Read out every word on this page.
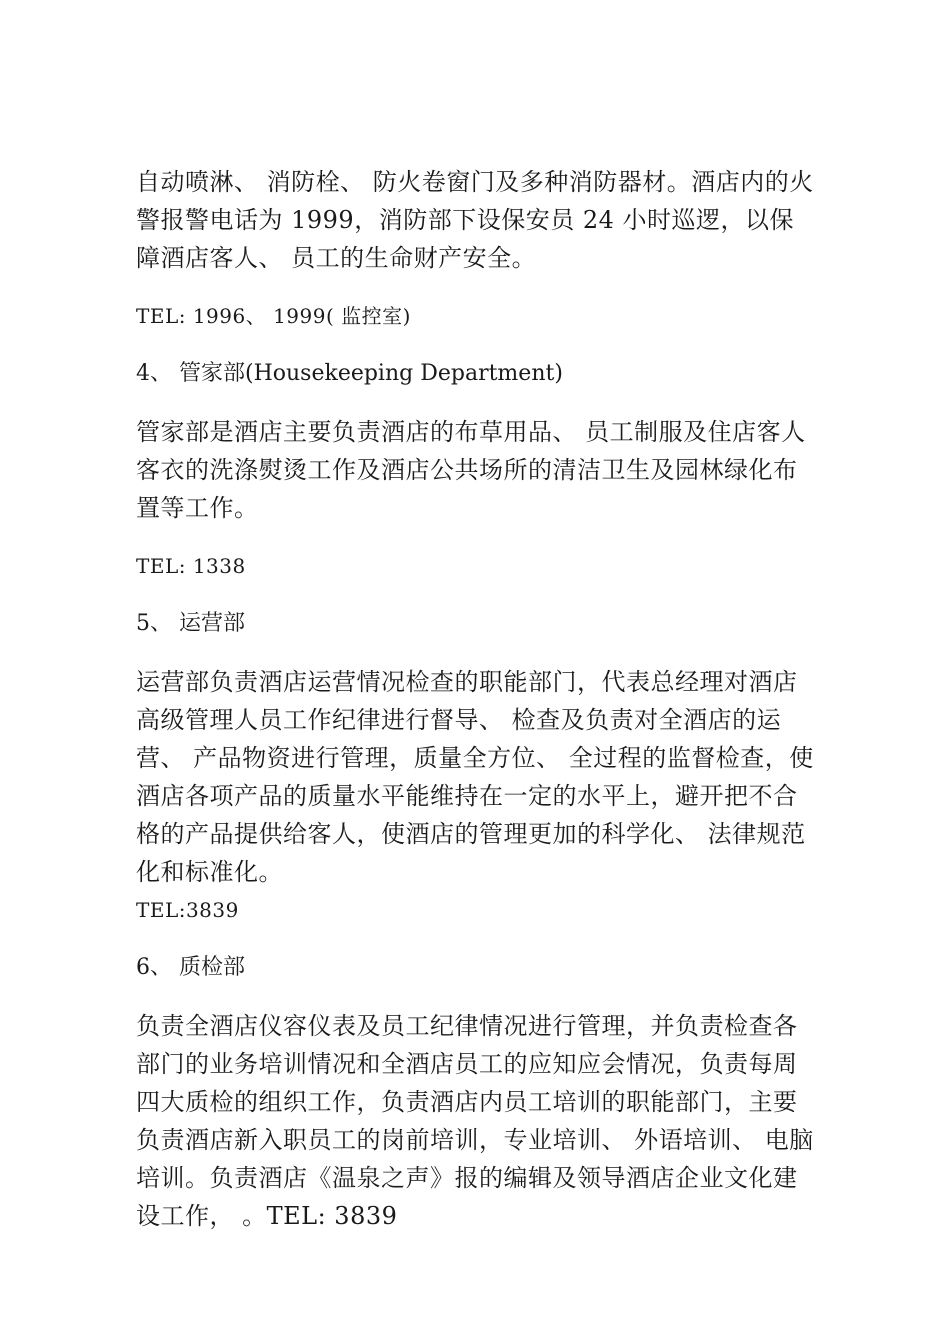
自动喷淋、 消防栓、 防火卷窗门及多种消防器材。酒店内的火警报警电话为 1999，消防部下设保安员 24 小时巡逻，以保障酒店客人、 员工的生命财产安全。

TEL: 1996、 1999( 监控室)

4、 管家部(Housekeeping Department)

管家部是酒店主要负责酒店的布草用品、 员工制服及住店客人客衣的洗涤熨烫工作及酒店公共场所的清洁卫生及园林绿化布置等工作。

TEL: 1338

5、 运营部

运营部负责酒店运营情况检查的职能部门，代表总经理对酒店高级管理人员工作纪律进行督导、 检查及负责对全酒店的运营、 产品物资进行管理，质量全方位、 全过程的监督检查，使酒店各项产品的质量水平能维持在一定的水平上，避开把不合格的产品提供给客人，使酒店的管理更加的科学化、 法律规范化和标准化。

TEL:3839

6、 质检部

负责全酒店仪容仪表及员工纪律情况进行管理，并负责检查各部门的业务培训情况和全酒店员工的应知应会情况，负责每周四大质检的组织工作，负责酒店内员工培训的职能部门，主要负责酒店新入职员工的岗前培训，专业培训、 外语培训、 电脑培训。负责酒店《温泉之声》报的编辑及领导酒店企业文化建设工作， 。TEL: 3839
